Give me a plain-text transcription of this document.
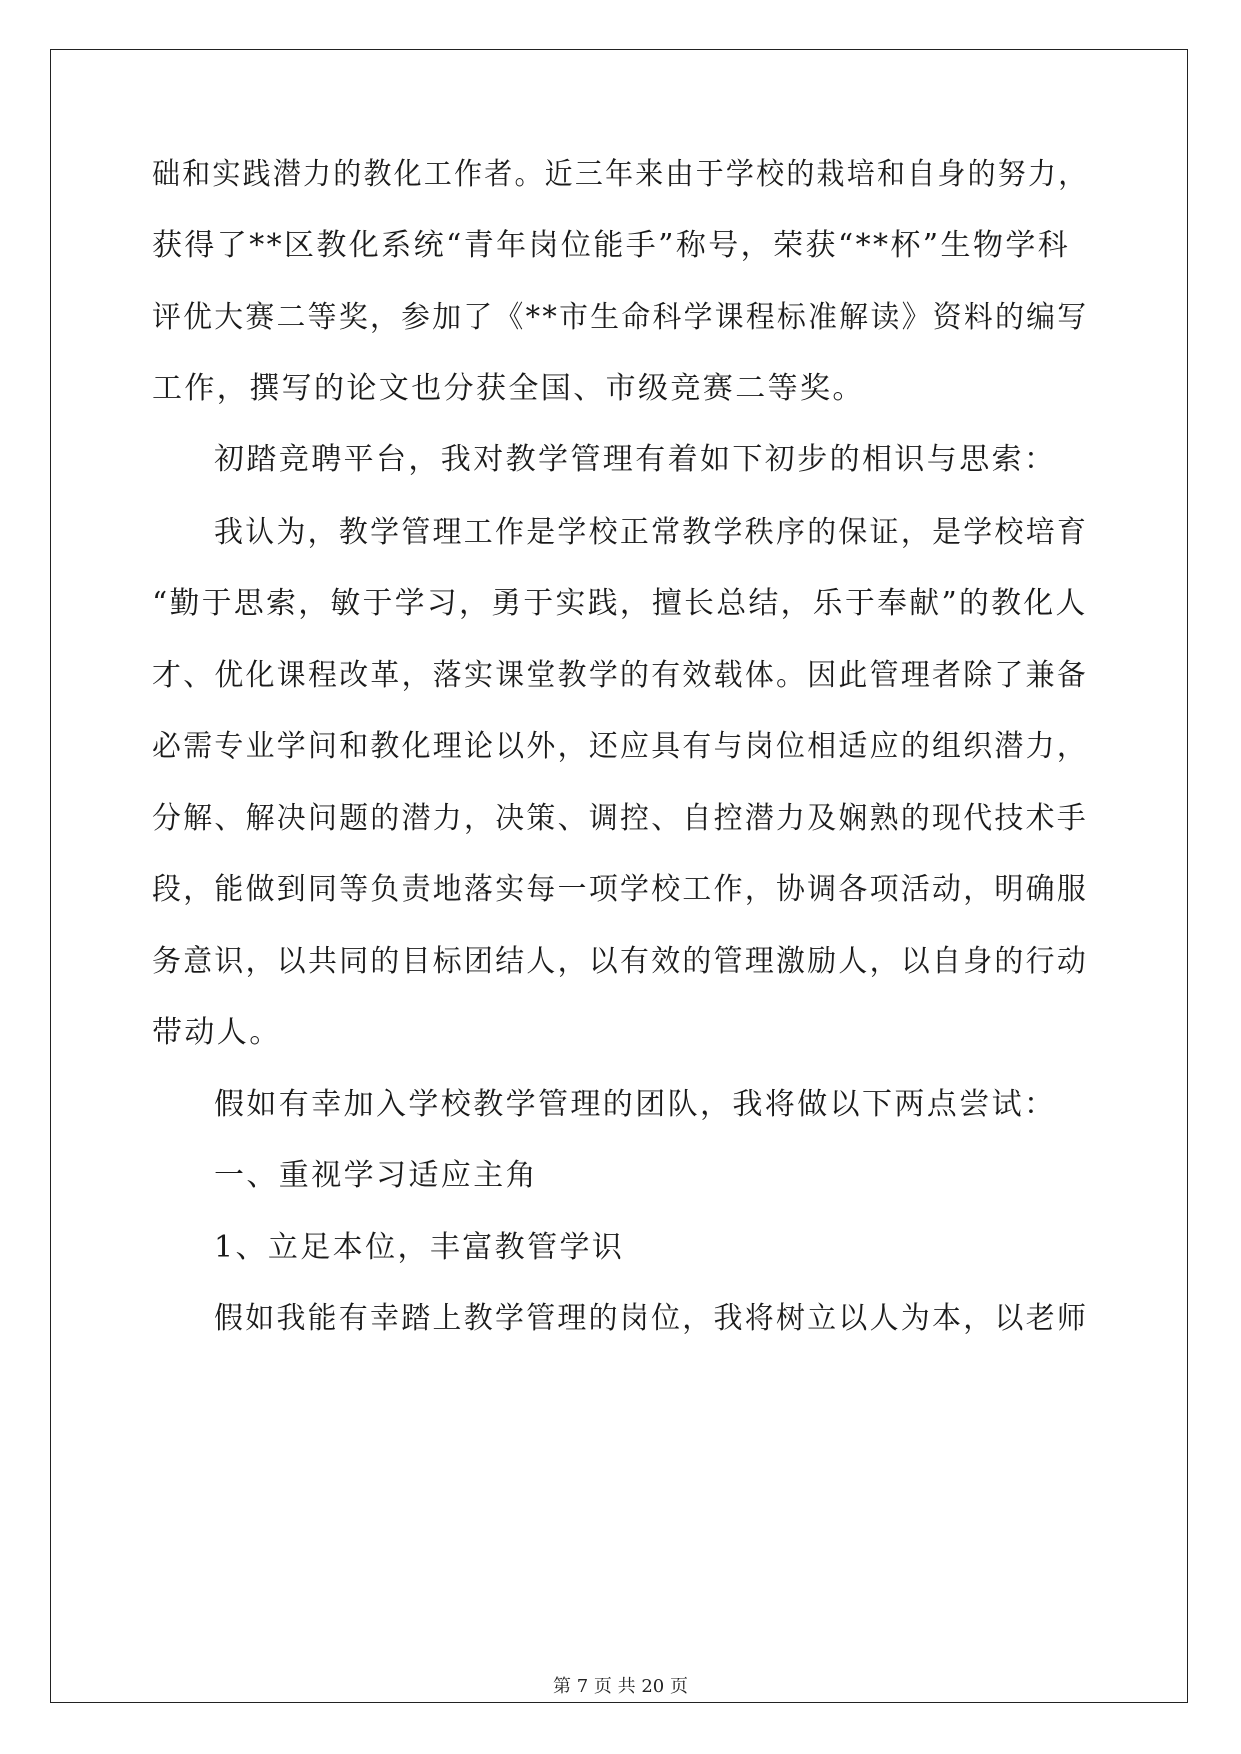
础和实践潜力的教化工作者。近三年来由于学校的栽培和自身的努力，
获得了**区教化系统“青年岗位能手”称号，荣获“**杯”生物学科
评优大赛二等奖，参加了《**市生命科学课程标准解读》资料的编写
工作，撰写的论文也分获全国、市级竞赛二等奖。
初踏竞聘平台，我对教学管理有着如下初步的相识与思索：
我认为，教学管理工作是学校正常教学秩序的保证，是学校培育
“勤于思索，敏于学习，勇于实践，擅长总结，乐于奉献”的教化人
才、优化课程改革，落实课堂教学的有效载体。因此管理者除了兼备
必需专业学问和教化理论以外，还应具有与岗位相适应的组织潜力，
分解、解决问题的潜力，决策、调控、自控潜力及娴熟的现代技术手
段，能做到同等负责地落实每一项学校工作，协调各项活动，明确服
务意识，以共同的目标团结人，以有效的管理激励人，以自身的行动
带动人。
假如有幸加入学校教学管理的团队，我将做以下两点尝试：
一、重视学习适应主角
1、立足本位，丰富教管学识
假如我能有幸踏上教学管理的岗位，我将树立以人为本，以老师
第 7 页 共 20 页
